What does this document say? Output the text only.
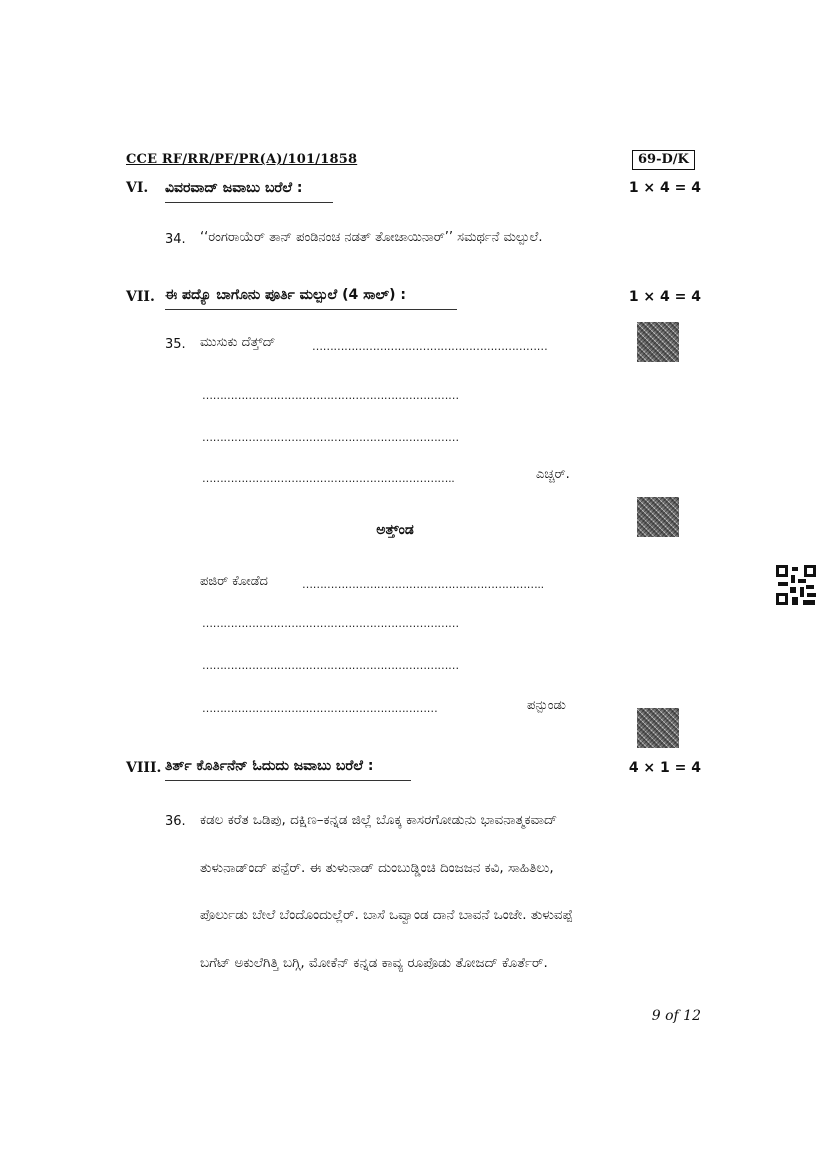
CCE RF/RR/PF/PR(A)/101/1858	69-D/K
VI. ವಿವರವಾದ್ ಜವಾಬು ಬರೆಲೆ :	1 × 4 = 4
34. ‘‘ರಂಗರಾಯೆರ್ ತಾನ್ ಪಂಡಿನಂಚ ನಡತ್ ತೋಜಾಯಿನಾರ್’’ ಸಮರ್ಥನೆ ಮಲ್ಪುಲೆ.
VII. ಈ ಪದ್ಯೊ ಬಾಗೊನು ಪೂರ್ತಿ ಮಲ್ಪುಲೆ (4 ಸಾಲ್) :	1 × 4 = 4
35. ಮುಸುಕು ದೆತ್ತ್‌ದ್	…………………………………………………………
………………………………………………………………
………………………………………………………………
……………………………………………………………..	ಎಚ್ಚರ್.
ಅತ್ತ್‌ಂಡ
ಪಜಿರ್ ಕೋಡೆದ	…………………………………………………………..
………………………………………………………………
………………………………………………………………
…………………………………………………………	ಪನ್ಪುಂಡು
VIII. ತಿರ್ತ್ ಕೊರ್ತಿನೆನ್ ಓದುದು ಜವಾಬು ಬರೆಲೆ :	4 × 1 = 4
36. ಕಡಲ ಕರೆತ ಒಡಿಪು, ದಕ್ಷಿಣ–ಕನ್ನಡ ಜಿಲ್ಲೆ ಬೊಕ್ಕ ಕಾಸರಗೋಡುನು ಭಾವನಾತ್ಮಕವಾದ್
ತುಳುನಾಡ್‌ಂದ್ ಪನ್ಪೆರ್. ಈ ತುಳುನಾಡ್ ದುಂಬುಡ್ಡಿಂಚಿ ದಿಂಜಜನ ಕವಿ, ಸಾಹಿತಿಲು,
ಪೊರ್ಲುಡು ಬೇಲೆ ಬೆಂದೊಂದುಲ್ಲೆರ್. ಬಾಸೆ ಒವ್ವಾಂಡ ದಾನೆ ಬಾವನೆ ಒಂಜೇ. ತುಳುವಪ್ಪೆ
ಬಗೆಟ್ ಅಕುಲೆಗಿತ್ತಿ ಬಗ್ಗಿ, ಮೋಕೆನ್ ಕನ್ನಡ ಕಾವ್ಯ ರೂಪೊಡು ತೋಜದ್ ಕೊರ್ತೆರ್.
9 of 12
